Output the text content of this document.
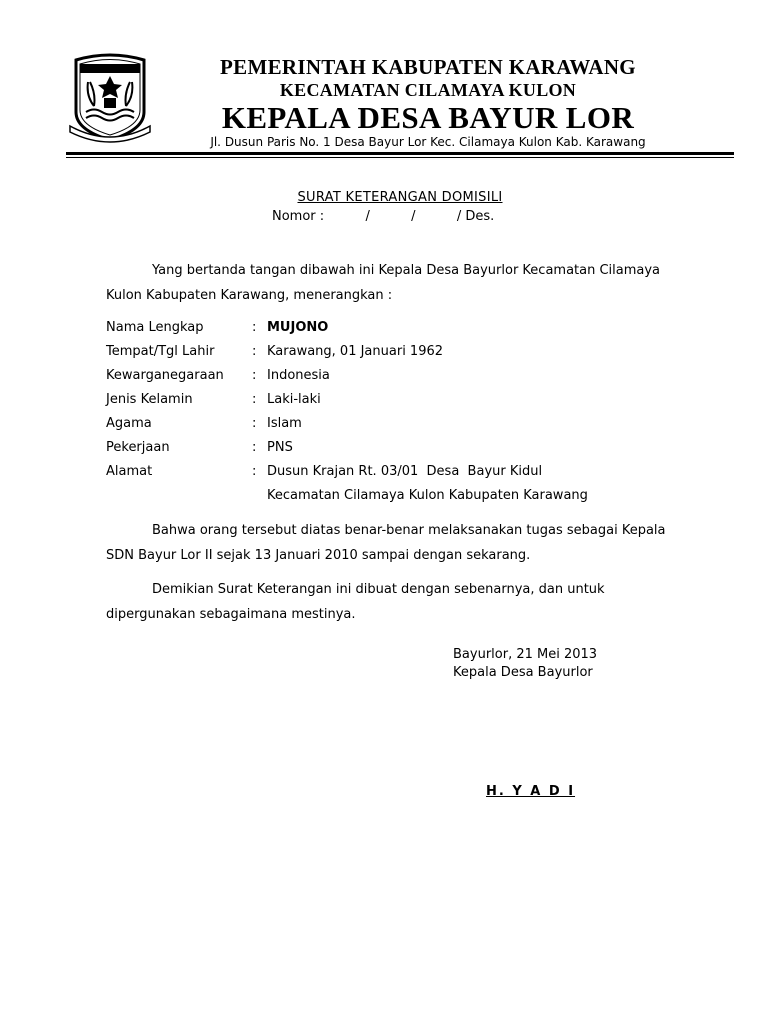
PEMERINTAH KABUPATEN KARAWANG
KECAMATAN CILAMAYA KULON
KEPALA DESA BAYUR LOR
Jl. Dusun Paris No. 1 Desa Bayur Lor Kec. Cilamaya Kulon Kab. Karawang
SURAT KETERANGAN DOMISILI
Nomor :          /          /          / Des.
Yang bertanda tangan dibawah ini Kepala Desa Bayurlor Kecamatan Cilamaya
Kulon Kabupaten Karawang, menerangkan :
Nama Lengkap	: MUJONO
Tempat/Tgl Lahir	: Karawang, 01 Januari 1962
Kewarganegaraan : Indonesia
Jenis Kelamin	: Laki-laki
Agama	: Islam
Pekerjaan	: PNS
Alamat	: Dusun Krajan Rt. 03/01  Desa  Bayur Kidul
Kecamatan Cilamaya Kulon Kabupaten Karawang
Bahwa orang tersebut diatas benar-benar melaksanakan tugas sebagai Kepala
SDN Bayur Lor II sejak 13 Januari 2010 sampai dengan sekarang.
Demikian Surat Keterangan ini dibuat dengan sebenarnya, dan untuk
dipergunakan sebagaimana mestinya.
Bayurlor, 21 Mei 2013
Kepala Desa Bayurlor
H. Y A D I
